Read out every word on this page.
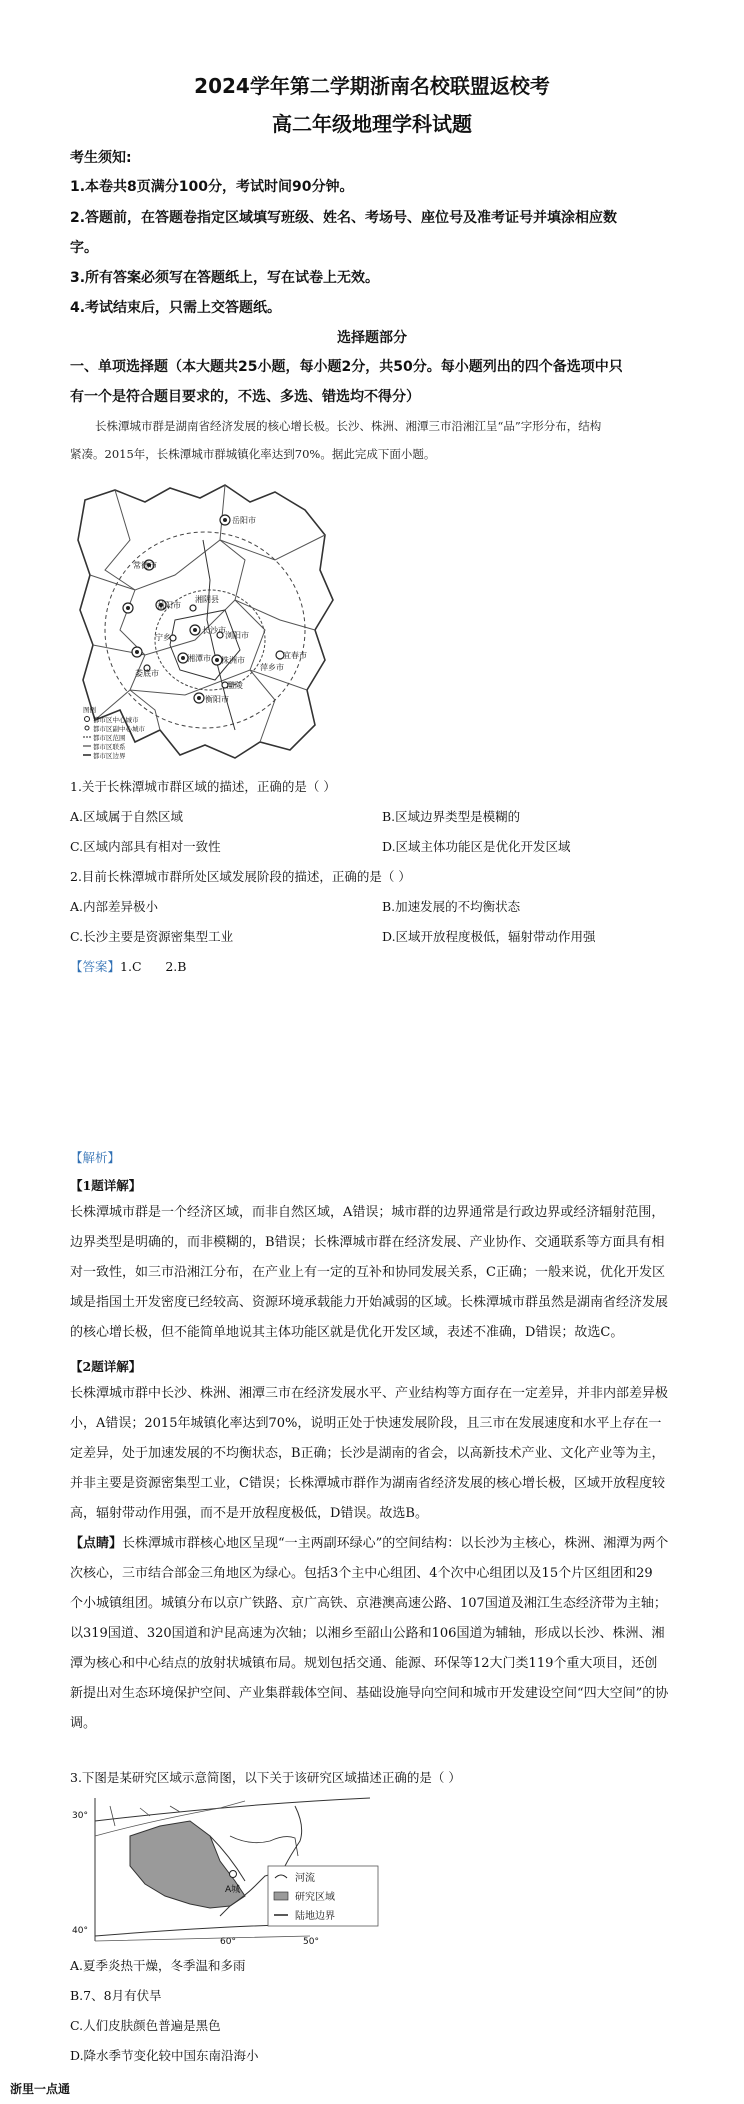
2024学年第二学期浙南名校联盟返校考
高二年级地理学科试题
考生须知:
1.本卷共8页满分100分，考试时间90分钟。
2.答题前，在答题卷指定区域填写班级、姓名、考场号、座位号及准考证号并填涂相应数
字。
3.所有答案必须写在答题纸上，写在试卷上无效。
4.考试结束后，只需上交答题纸。
选择题部分
一、单项选择题（本大题共25小题，每小题2分，共50分。每小题列出的四个备选项中只
有一个是符合题目要求的，不选、多选、错选均不得分）
长株潭城市群是湖南省经济发展的核心增长极。长沙、株洲、湘潭三市沿湘江呈“品”字形分布，结构
紧凑。2015年，长株潭城市群城镇化率达到70%。据此完成下面小题。
岳阳市
益阳市
常德市
湘阴县
长沙市
浏阳市
宁乡
湘潭市 株洲市
娄底市
萍乡市
宜春市
衡阳市
醴陵
图例
都市区中心城市
都市区副中心城市
都市区范围
都市区联系
都市区边界
1.关于长株潭城市群区域的描述，正确的是（ ）
A.区域属于自然区域	B.区域边界类型是模糊的
C.区域内部具有相对一致性	D.区域主体功能区是优化开发区域
2.目前长株潭城市群所处区域发展阶段的描述，正确的是（ ）
A.内部差异极小	B.加速发展的不均衡状态
C.长沙主要是资源密集型工业	D.区域开放程度极低，辐射带动作用强
【答案】1.C      2.B
【解析】
【1题详解】
长株潭城市群是一个经济区域，而非自然区域，A错误；城市群的边界通常是行政边界或经济辐射范围，
边界类型是明确的，而非模糊的，B错误；长株潭城市群在经济发展、产业协作、交通联系等方面具有相
对一致性，如三市沿湘江分布，在产业上有一定的互补和协同发展关系，C正确；一般来说，优化开发区
域是指国土开发密度已经较高、资源环境承载能力开始减弱的区域。长株潭城市群虽然是湖南省经济发展
的核心增长极，但不能简单地说其主体功能区就是优化开发区域，表述不准确，D错误；故选C。
【2题详解】
长株潭城市群中长沙、株洲、湘潭三市在经济发展水平、产业结构等方面存在一定差异，并非内部差异极
小，A错误；2015年城镇化率达到70%，说明正处于快速发展阶段，且三市在发展速度和水平上存在一
定差异，处于加速发展的不均衡状态，B正确；长沙是湖南的省会，以高新技术产业、文化产业等为主，
并非主要是资源密集型工业，C错误；长株潭城市群作为湖南省经济发展的核心增长极，区域开放程度较
高，辐射带动作用强，而不是开放程度极低，D错误。故选B。
【点睛】长株潭城市群核心地区呈现“一主两副环绿心”的空间结构：以长沙为主核心，株洲、湘潭为两个
次核心，三市结合部金三角地区为绿心。包括3个主中心组团、4个次中心组团以及15个片区组团和29
个小城镇组团。城镇分布以京广铁路、京广高铁、京港澳高速公路、107国道及湘江生态经济带为主轴；
以319国道、320国道和沪昆高速为次轴；以湘乡至韶山公路和106国道为辅轴，形成以长沙、株洲、湘
潭为核心和中心结点的放射状城镇布局。规划包括交通、能源、环保等12大门类119个重大项目，还创
新提出对生态环境保护空间、产业集群载体空间、基础设施导向空间和城市开发建设空间“四大空间”的协
调。
3.下图是某研究区域示意简图，以下关于该研究区域描述正确的是（ ）
30°
40°
60°	50°
A城
河流
研究区域
陆地边界
A.夏季炎热干燥，冬季温和多雨
B.7、8月有伏旱
C.人们皮肤颜色普遍是黑色
D.降水季节变化较中国东南沿海小
浙里一点通
